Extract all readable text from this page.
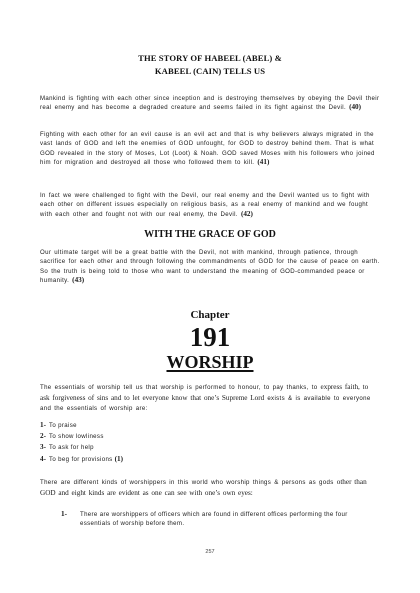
THE STORY OF HABEEL (ABEL) &
KABEEL (CAIN) TELLS US
Mankind is fighting with each other since inception and is destroying themselves by obeying the Devil their real enemy and has become a degraded creature and seems failed in its fight against the Devil. (40)
Fighting with each other for an evil cause is an evil act and that is why believers always migrated in the vast lands of GOD and left the enemies of GOD unfought, for GOD to destroy behind them. That is what GOD revealed in the story of Moses, Lot (Loot) & Noah. GOD saved Moses with his followers who joined him for migration and destroyed all those who followed them to kill. (41)
In fact we were challenged to fight with the Devil, our real enemy and the Devil wanted us to fight with each other on different issues especially on religious basis, as a real enemy of mankind and we fought with each other and fought not with our real enemy, the Devil. (42)
WITH THE GRACE OF GOD
Our ultimate target will be a great battle with the Devil, not with mankind, through patience, through sacrifice for each other and through following the commandments of GOD for the cause of peace on earth. So the truth is being told to those who want to understand the meaning of GOD-commanded peace or humanity. (43)
Chapter
191
WORSHIP
The essentials of worship tell us that worship is performed to honour, to pay thanks, to express faith, to ask forgiveness of sins and to let everyone know that one’s Supreme Lord exists & is available to everyone and the essentials of worship are:
1- To praise
2- To show lowliness
3- To ask for help
4- To beg for provisions (1)
There are different kinds of worshippers in this world who worship things & persons as gods other than GOD and eight kinds are evident as one can see with one’s own eyes:
1- There are worshippers of officers which are found in different offices performing the four essentials of worship before them.
257
